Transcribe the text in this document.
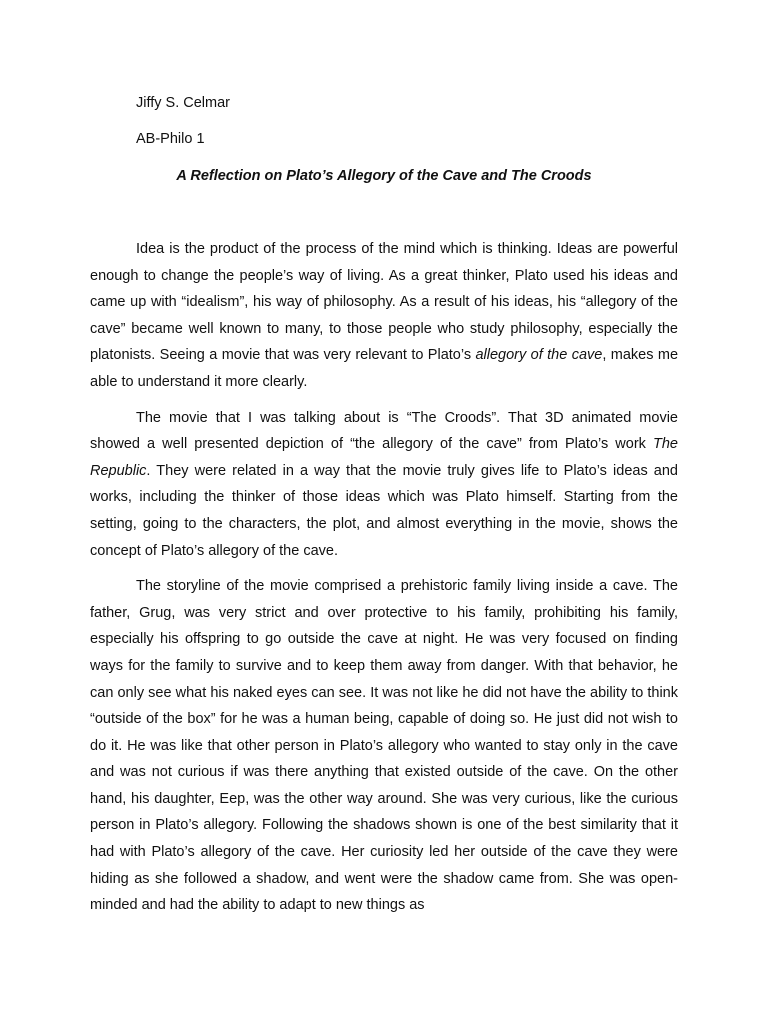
Jiffy S. Celmar
AB-Philo 1
A Reflection on Plato’s Allegory of the Cave and The Croods

Idea is the product of the process of the mind which is thinking. Ideas are powerful enough to change the people’s way of living. As a great thinker, Plato used his ideas and came up with “idealism”, his way of philosophy. As a result of his ideas, his “allegory of the cave” became well known to many, to those people who study philosophy, especially the platonists. Seeing a movie that was very relevant to Plato’s allegory of the cave, makes me able to understand it more clearly.

The movie that I was talking about is “The Croods”. That 3D animated movie showed a well presented depiction of “the allegory of the cave” from Plato’s work The Republic. They were related in a way that the movie truly gives life to Plato’s ideas and works, including the thinker of those ideas which was Plato himself. Starting from the setting, going to the characters, the plot, and almost everything in the movie, shows the concept of Plato’s allegory of the cave.

The storyline of the movie comprised a prehistoric family living inside a cave. The father, Grug, was very strict and over protective to his family, prohibiting his family, especially his offspring to go outside the cave at night. He was very focused on finding ways for the family to survive and to keep them away from danger. With that behavior, he can only see what his naked eyes can see. It was not like he did not have the ability to think “outside of the box” for he was a human being, capable of doing so. He just did not wish to do it. He was like that other person in Plato’s allegory who wanted to stay only in the cave and was not curious if was there anything that existed outside of the cave. On the other hand, his daughter, Eep, was the other way around. She was very curious, like the curious person in Plato’s allegory. Following the shadows shown is one of the best similarity that it had with Plato’s allegory of the cave. Her curiosity led her outside of the cave they were hiding as she followed a shadow, and went were the shadow came from. She was open-minded and had the ability to adapt to new things as
